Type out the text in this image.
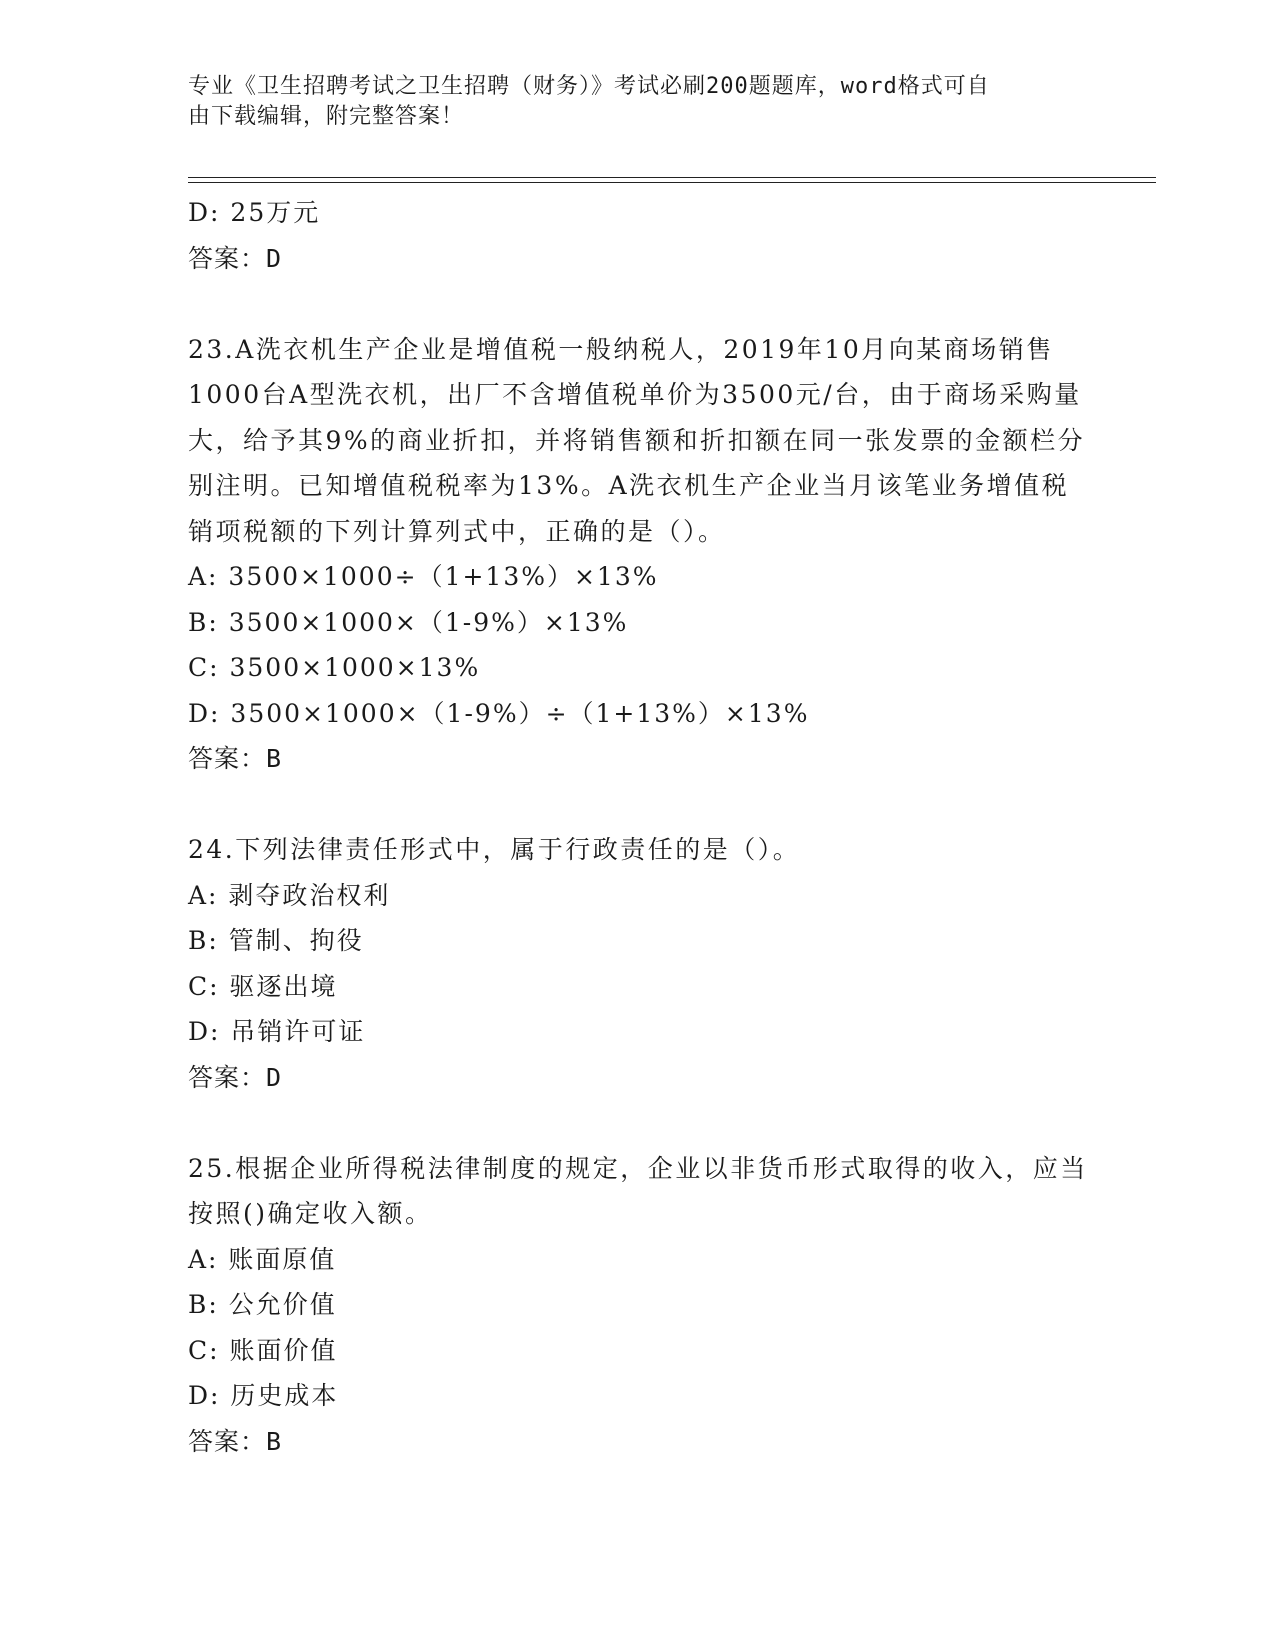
专业《卫生招聘考试之卫生招聘（财务）》考试必刷200题题库，word格式可自
由下载编辑，附完整答案！
D: 25万元
答案：D
23.A洗衣机生产企业是增值税一般纳税人，2019年10月向某商场销售1000台A型洗衣机，出厂不含增值税单价为3500元/台，由于商场采购量大，给予其9%的商业折扣，并将销售额和折扣额在同一张发票的金额栏分别注明。已知增值税税率为13%。A洗衣机生产企业当月该笔业务增值税销项税额的下列计算列式中，正确的是（）。
A: 3500×1000÷（1+13%）×13%
B: 3500×1000×（1-9%）×13%
C: 3500×1000×13%
D: 3500×1000×（1-9%）÷（1+13%）×13%
答案：B
24.下列法律责任形式中，属于行政责任的是（）。
A: 剥夺政治权利
B: 管制、拘役
C: 驱逐出境
D: 吊销许可证
答案：D
25.根据企业所得税法律制度的规定，企业以非货币形式取得的收入，应当按照()确定收入额。
A: 账面原值
B: 公允价值
C: 账面价值
D: 历史成本
答案：B
